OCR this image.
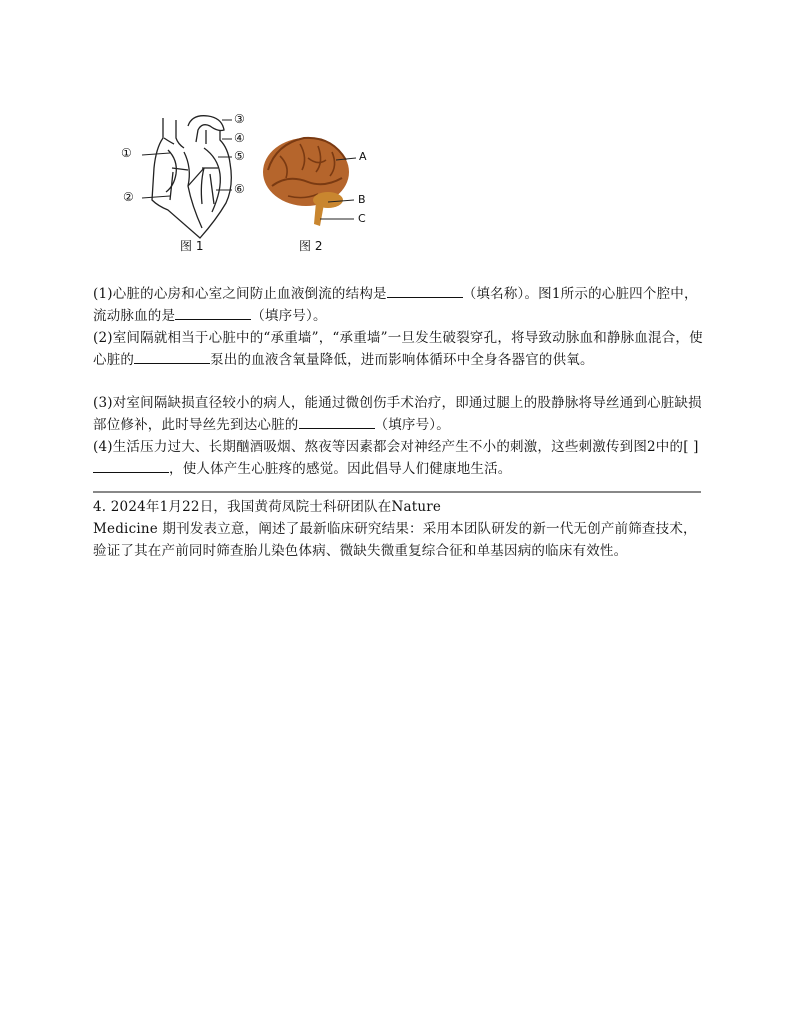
①
②
③
④
⑤
⑥
A
B
C
图 1	图 2

(1)心脏的心房和心室之间防止血液倒流的结构是	（填名称）。图1所示的心脏四个腔中，流动脉血的是	（填序号）。

(2)室间隔就相当于心脏中的“承重墙”，“承重墙”一旦发生破裂穿孔，将导致动脉血和静脉血混合，使心脏的	泵出的血液含氧量降低，进而影响体循环中全身各器官的供氧。

(3)对室间隔缺损直径较小的病人，能通过微创伤手术治疗，即通过腿上的股静脉将导丝通到心脏缺损部位修补，此时导丝先到达心脏的	（填序号）。

(4)生活压力过大、长期酗酒吸烟、熬夜等因素都会对神经产生不小的刺激，这些刺激传到图2中的[ ]，使人体产生心脏疼的感觉。因此倡导人们健康地生活。

4. 2024年1月22日，我国黄荷凤院士科研团队在Nature

Medicine 期刊发表立意，阐述了最新临床研究结果：采用本团队研发的新一代无创产前筛查技术，验证了其在产前同时筛查胎儿染色体病、微缺失微重复综合征和单基因病的临床有效性。
